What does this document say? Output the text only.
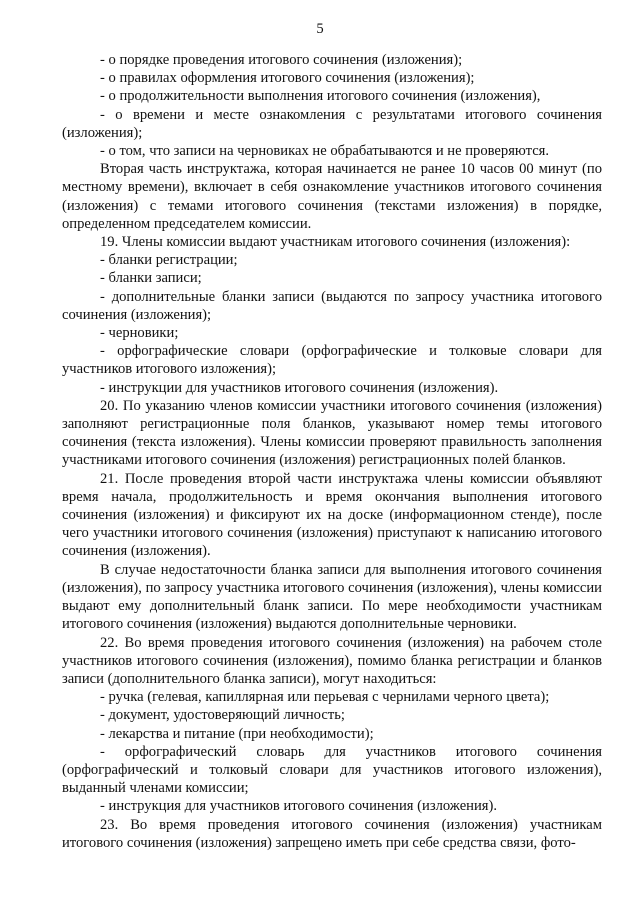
5

- о порядке проведения итогового сочинения (изложения);

- о правилах оформления итогового сочинения (изложения);

- о продолжительности выполнения итогового сочинения (изложения),

- о времени и месте ознакомления с результатами итогового сочинения (изложения);

- о том, что записи на черновиках не обрабатываются и не проверяются.

Вторая часть инструктажа, которая начинается не ранее 10 часов 00 минут (по местному времени), включает в себя ознакомление участников итогового сочинения (изложения) с темами итогового сочинения (текстами изложения) в порядке, определенном председателем комиссии.

19. Члены комиссии выдают участникам итогового сочинения (изложения):

- бланки регистрации;

- бланки записи;

- дополнительные бланки записи (выдаются по запросу участника итогового сочинения (изложения);

- черновики;

- орфографические словари (орфографические и толковые словари для участников итогового изложения);

- инструкции для участников итогового сочинения (изложения).

20. По указанию членов комиссии участники итогового сочинения (изложения) заполняют регистрационные поля бланков, указывают номер темы итогового сочинения (текста изложения). Члены комиссии проверяют правильность заполнения участниками итогового сочинения (изложения) регистрационных полей бланков.

21. После проведения второй части инструктажа члены комиссии объявляют время начала, продолжительность и время окончания выполнения итогового сочинения (изложения) и фиксируют их на доске (информационном стенде), после чего участники итогового сочинения (изложения) приступают к написанию итогового сочинения (изложения).

В случае недостаточности бланка записи для выполнения итогового сочинения (изложения), по запросу участника итогового сочинения (изложения), члены комиссии выдают ему дополнительный бланк записи. По мере необходимости участникам итогового сочинения (изложения) выдаются дополнительные черновики.

22. Во время проведения итогового сочинения (изложения) на рабочем столе участников итогового сочинения (изложения), помимо бланка регистрации и бланков записи (дополнительного бланка записи), могут находиться:

- ручка (гелевая, капиллярная или перьевая с чернилами черного цвета);

- документ, удостоверяющий личность;

- лекарства и питание (при необходимости);

- орфографический словарь для участников итогового сочинения (орфографический и толковый словари для участников итогового изложения), выданный членами комиссии;

- инструкция для участников итогового сочинения (изложения).

23. Во время проведения итогового сочинения (изложения) участникам итогового сочинения (изложения) запрещено иметь при себе средства связи, фото-
